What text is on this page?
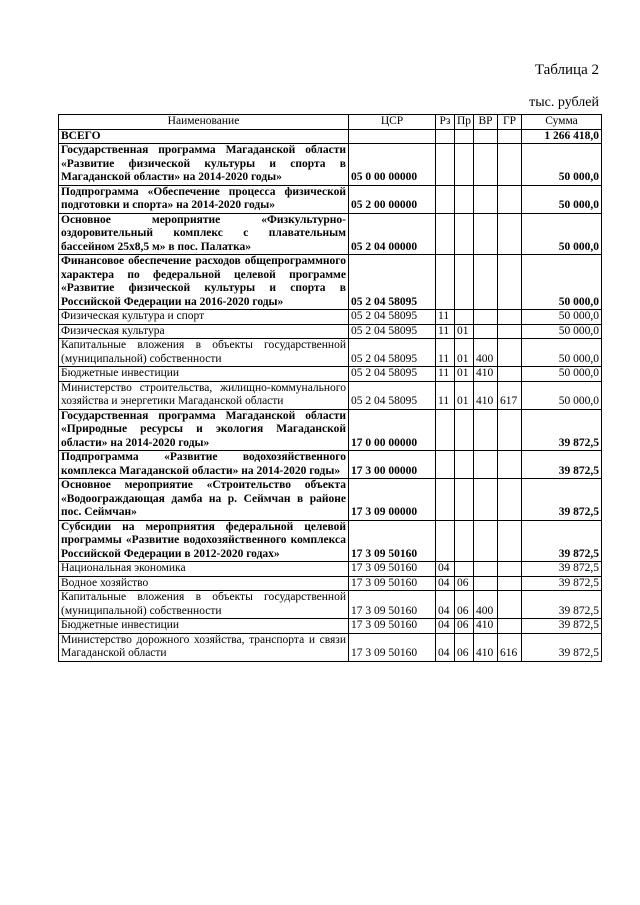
Таблица 2
тыс. рублей
Наименование	ЦСР	Рз	Пр	ВР	ГР	Сумма
ВСЕГО						1 266 418,0
Государственная программа Магаданской области «Развитие физической культуры и спорта в Магаданской области» на 2014-2020 годы»	05 0 00 00000					50 000,0
Подпрограмма «Обеспечение процесса физической подготовки и спорта» на 2014-2020 годы»	05 2 00 00000					50 000,0
Основное мероприятие «Физкультурно-оздоровительный комплекс с плавательным бассейном 25х8,5 м» в пос. Палатка»	05 2 04 00000					50 000,0
Финансовое обеспечение расходов общепрограммного характера по федеральной целевой программе «Развитие физической культуры и спорта в Российской Федерации на 2016-2020 годы»	05 2 04 58095					50 000,0
Физическая культура и спорт	05 2 04 58095	11				50 000,0
Физическая культура	05 2 04 58095	11	01			50 000,0
Капитальные вложения в объекты государственной (муниципальной) собственности	05 2 04 58095	11	01	400		50 000,0
Бюджетные инвестиции	05 2 04 58095	11	01	410		50 000,0
Министерство строительства, жилищно-коммунального хозяйства и энергетики Магаданской области	05 2 04 58095	11	01	410	617	50 000,0
Государственная программа Магаданской области «Природные ресурсы и экология Магаданской области» на 2014-2020 годы»	17 0 00 00000					39 872,5
Подпрограмма «Развитие водохозяйственного комплекса Магаданской области» на 2014-2020 годы»	17 3 00 00000					39 872,5
Основное мероприятие «Строительство объекта «Водоограждающая дамба на р. Сеймчан в районе пос. Сеймчан»	17 3 09 00000					39 872,5
Субсидии на мероприятия федеральной целевой программы «Развитие водохозяйственного комплекса Российской Федерации в 2012-2020 годах»	17 3 09 50160					39 872,5
Национальная экономика	17 3 09 50160	04				39 872,5
Водное хозяйство	17 3 09 50160	04	06			39 872,5
Капитальные вложения в объекты государственной (муниципальной) собственности	17 3 09 50160	04	06	400		39 872,5
Бюджетные инвестиции	17 3 09 50160	04	06	410		39 872,5
Министерство дорожного хозяйства, транспорта и связи Магаданской области	17 3 09 50160	04	06	410	616	39 872,5
